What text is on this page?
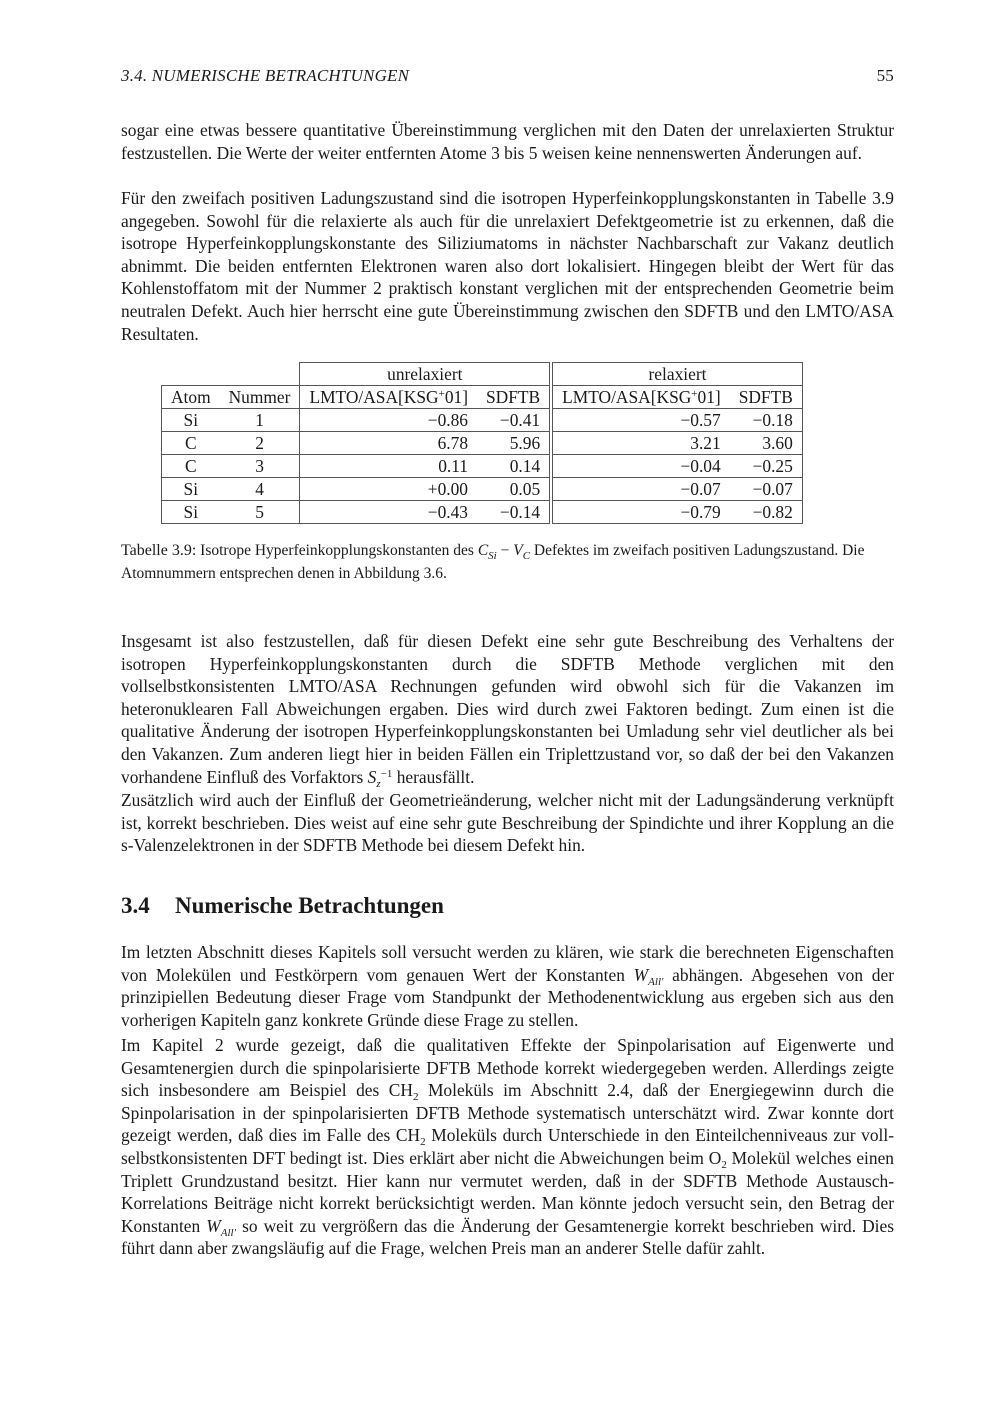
3.4. NUMERISCHE BETRACHTUNGEN	55

sogar eine etwas bessere quantitative Übereinstimmung verglichen mit den Daten der unrelaxierten Struktur festzustellen. Die Werte der weiter entfernten Atome 3 bis 5 weisen keine nennenswerten Änderungen auf.

Für den zweifach positiven Ladungszustand sind die isotropen Hyperfeinkopplungskonstanten in Tabelle 3.9 angegeben. Sowohl für die relaxierte als auch für die unrelaxiert Defektgeometrie ist zu erkennen, daß die isotrope Hyperfeinkopplungskonstante des Siliziumatoms in nächster Nachbarschaft zur Vakanz deutlich abnimmt. Die beiden entfernten Elektronen waren also dort lokalisiert. Hingegen bleibt der Wert für das Kohlenstoffatom mit der Nummer 2 praktisch konstant verglichen mit der entsprechenden Geometrie beim neutralen Defekt. Auch hier herrscht eine gute Übereinstimmung zwischen den SDFTB und den LMTO/ASA Resultaten.

		unrelaxiert		relaxiert	
Atom	Nummer	LMTO/ASA[KSG+01]	SDFTB	LMTO/ASA[KSG+01]	SDFTB
Si	1	−0.86	−0.41	−0.57	−0.18
C	2	6.78	5.96	3.21	3.60
C	3	0.11	0.14	−0.04	−0.25
Si	4	+0.00	0.05	−0.07	−0.07
Si	5	−0.43	−0.14	−0.79	−0.82
Tabelle 3.9: Isotrope Hyperfeinkopplungskonstanten des $C_{Si} - V_C$ Defektes im zweifach positiven Ladungszustand. Die Atomnummern entsprechen denen in Abbildung 3.6.

Insgesamt ist also festzustellen, daß für diesen Defekt eine sehr gute Beschreibung des Verhaltens der isotropen Hyperfeinkopplungskonstanten durch die SDFTB Methode verglichen mit den vollselbstkonsistenten LMTO/ASA Rechnungen gefunden wird obwohl sich für die Vakanzen im heteronuklearen Fall Abweichungen ergaben. Dies wird durch zwei Faktoren bedingt. Zum einen ist die qualitative Änderung der isotropen Hyperfeinkopplungskonstanten bei Umladung sehr viel deutlicher als bei den Vakanzen. Zum anderen liegt hier in beiden Fällen ein Triplettzustand vor, so daß der bei den Vakanzen vorhandene Einfluß des Vorfaktors $S_z^{-1}$ herausfällt.

Zusätzlich wird auch der Einfluß der Geometrieänderung, welcher nicht mit der Ladungsänderung verknüpft ist, korrekt beschrieben. Dies weist auf eine sehr gute Beschreibung der Spindichte und ihrer Kopplung an die s-Valenzelektronen in der SDFTB Methode bei diesem Defekt hin.

3.4 Numerische Betrachtungen

Im letzten Abschnitt dieses Kapitels soll versucht werden zu klären, wie stark die berechneten Eigenschaften von Molekülen und Festkörpern vom genauen Wert der Konstanten $W_{All'}$ abhängen. Abgesehen von der prinzipiellen Bedeutung dieser Frage vom Standpunkt der Methodenentwicklung aus ergeben sich aus den vorherigen Kapiteln ganz konkrete Gründe diese Frage zu stellen.

Im Kapitel 2 wurde gezeigt, daß die qualitativen Effekte der Spinpolarisation auf Eigenwerte und Gesamtenergien durch die spinpolarisierte DFTB Methode korrekt wiedergegeben werden. Allerdings zeigte sich insbesondere am Beispiel des $CH_2$ Moleküls im Abschnitt 2.4, daß der Energiegewinn durch die Spinpolarisation in der spinpolarisierten DFTB Methode systematisch unterschätzt wird. Zwar konnte dort gezeigt werden, daß dies im Falle des $CH_2$ Moleküls durch Unterschiede in den Einteilchenniveaus zur voll-selbstkonsistenten DFT bedingt ist. Dies erklärt aber nicht die Abweichungen beim $O_2$ Molekül welches einen Triplett Grundzustand besitzt. Hier kann nur vermutet werden, daß in der SDFTB Methode Austausch-Korrelations Beiträge nicht korrekt berücksichtigt werden. Man könnte jedoch versucht sein, den Betrag der Konstanten $W_{All'}$ so weit zu vergrößern das die Änderung der Gesamtenergie korrekt beschrieben wird. Dies führt dann aber zwangsläufig auf die Frage, welchen Preis man an anderer Stelle dafür zahlt.
